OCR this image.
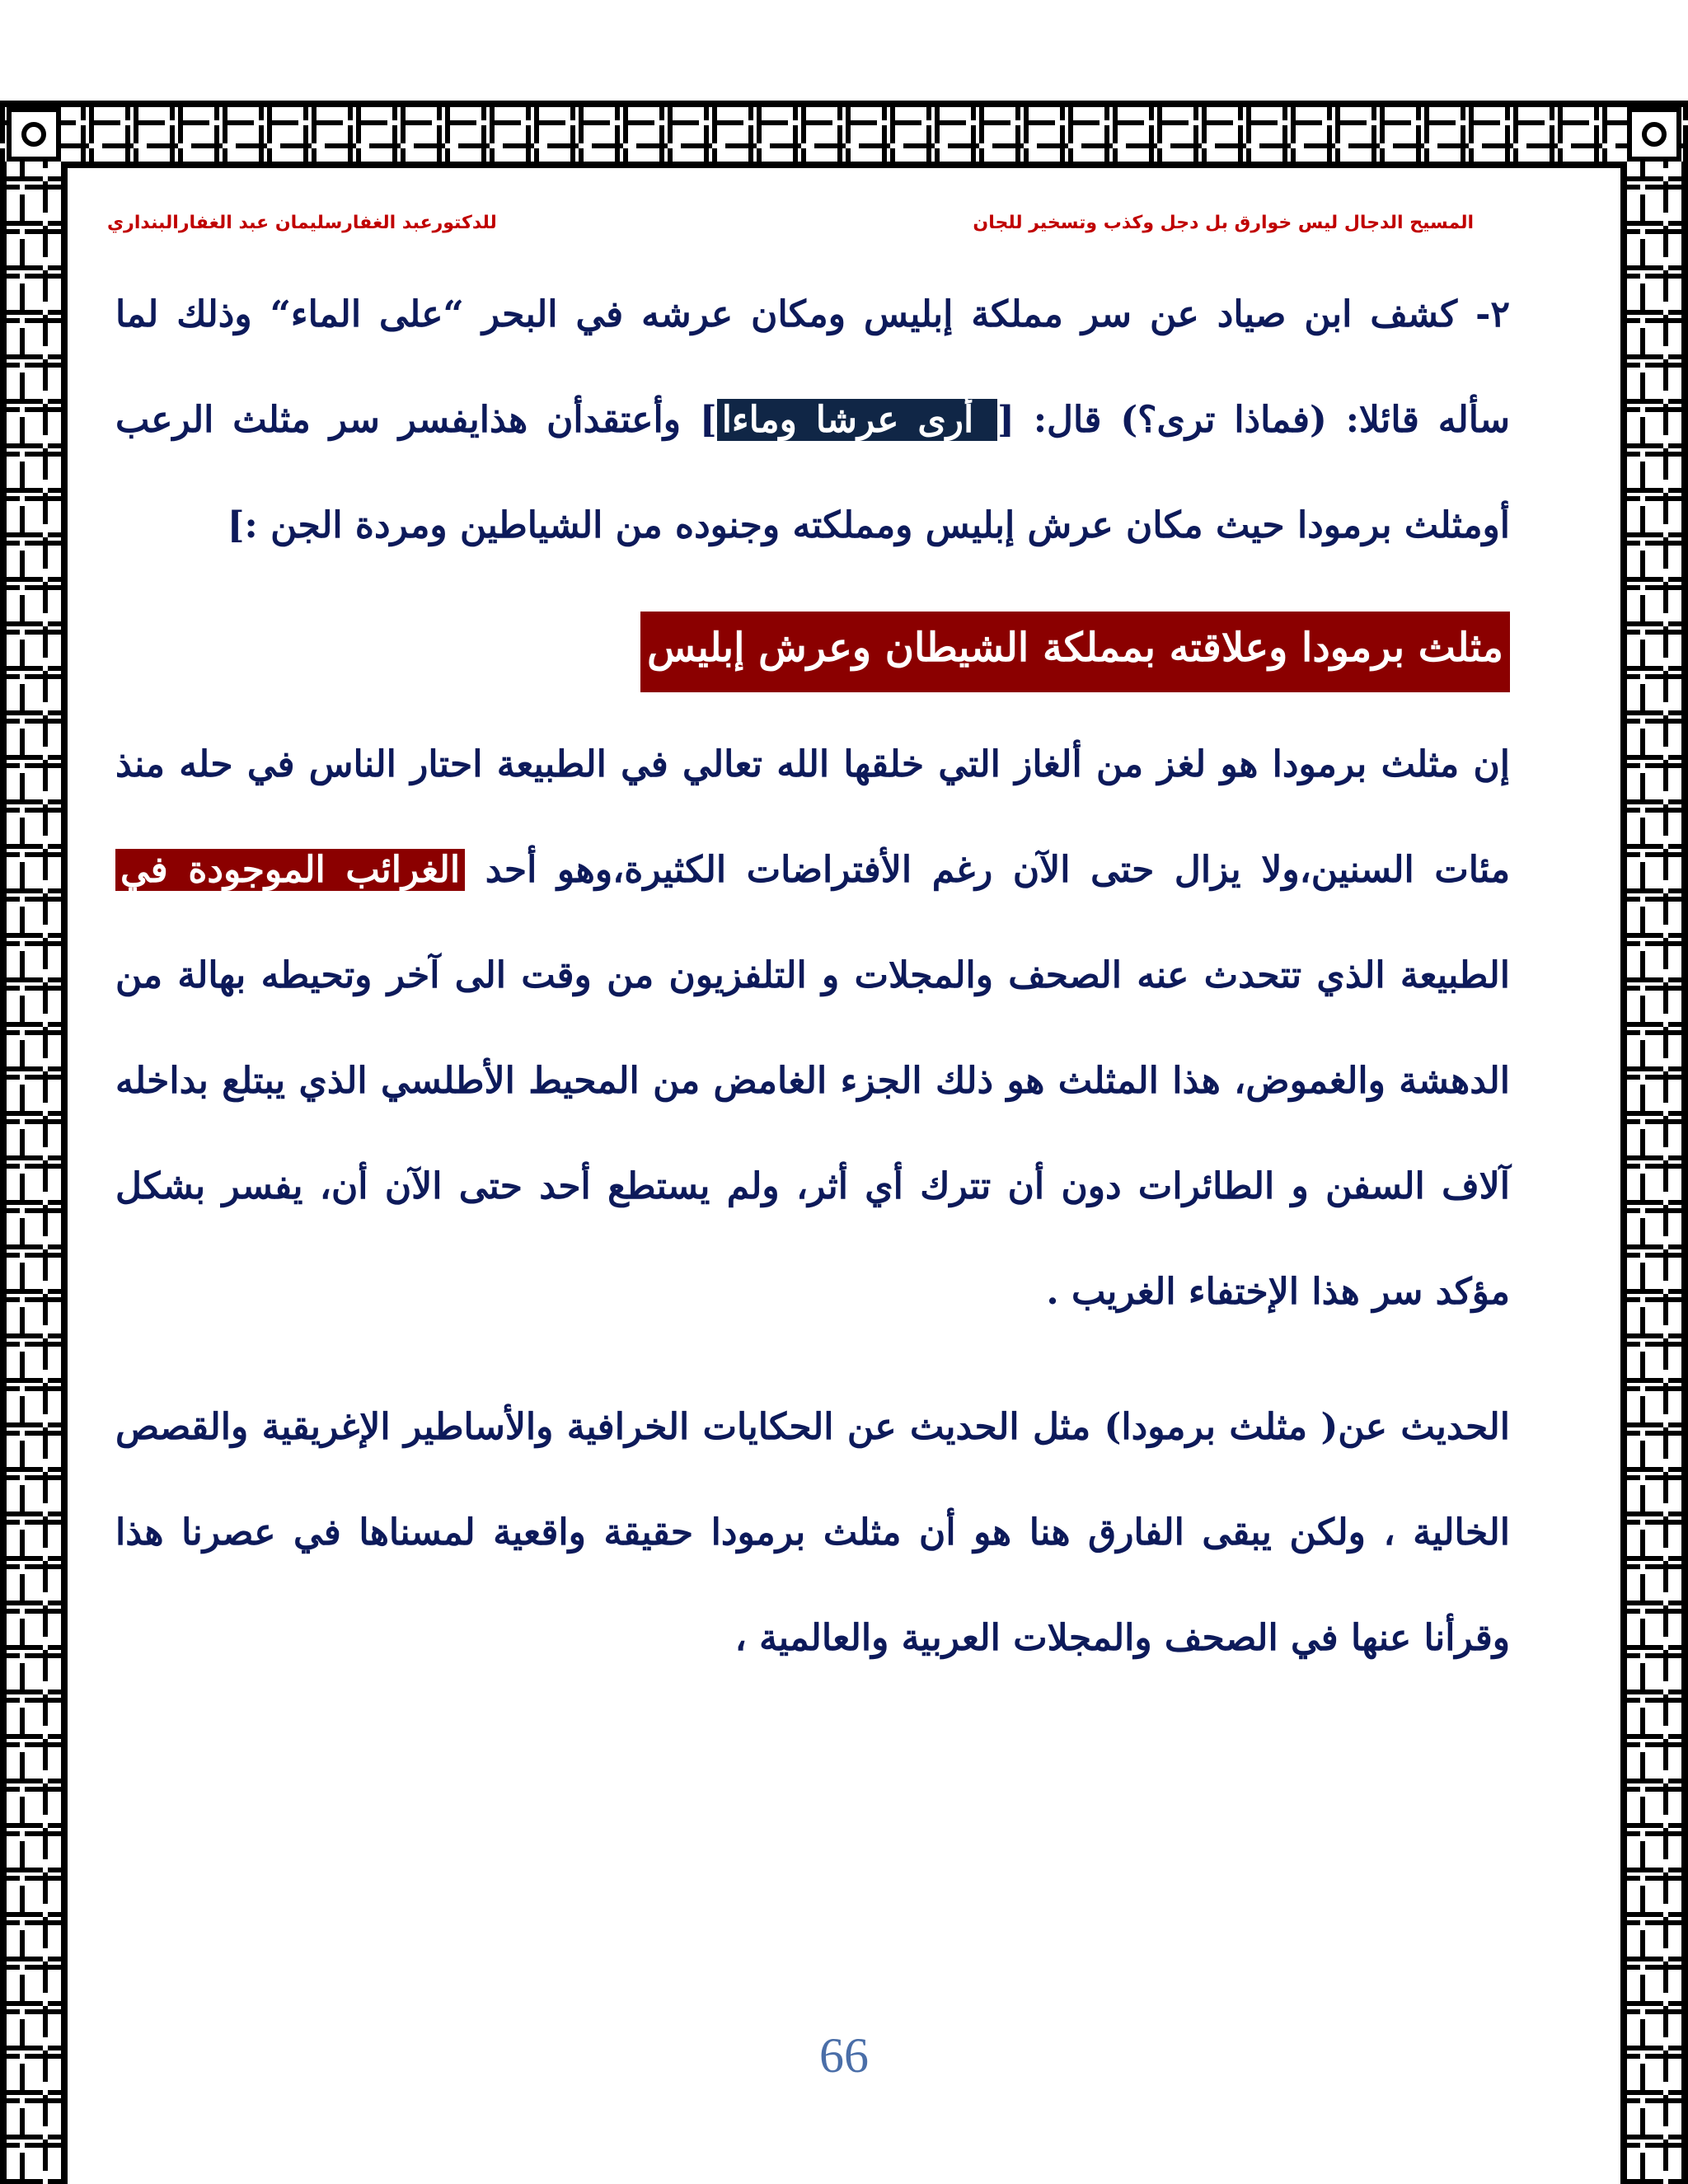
المسيح الدجال ليس خوارق بل دجل وكذب وتسخير للجان
للدكتورعبد الغفارسليمان عبد الغفارالبنداري

٢- كشف ابن صياد عن سر مملكة إبليس ومكان عرشه في البحر “على الماء“ وذلك لما سأله قائلا: (فماذا ترى؟) قال: [ أرى عرشا وماءا] وأعتقدأن هذايفسر سر مثلث الرعب أومثلث برمودا حيث مكان عرش إبليس ومملكته وجنوده من الشياطين ومردة الجن :]

مثلث برمودا وعلاقته بمملكة الشيطان وعرش إبليس

إن مثلث برمودا هو لغز من ألغاز التي خلقها الله تعالي في الطبيعة احتار الناس في حله منذ مئات السنين،ولا يزال حتى الآن رغم الأفتراضات الكثيرة،وهو أحد الغرائب الموجودة في الطبيعة الذي تتحدث عنه الصحف والمجلات و التلفزيون من وقت الى آخر وتحيطه بهالة من الدهشة والغموض، هذا المثلث هو ذلك الجزء الغامض من المحيط الأطلسي الذي يبتلع بداخله آلاف السفن و الطائرات دون أن تترك أي أثر، ولم يستطع أحد حتى الآن أن، يفسر بشكل مؤكد سر هذا الإختفاء الغريب .

الحديث عن( مثلث برمودا) مثل الحديث عن الحكايات الخرافية والأساطير الإغريقية والقصص الخالية ، ولكن يبقى الفارق هنا هو أن مثلث برمودا حقيقة واقعية لمسناها في عصرنا هذا وقرأنا عنها في الصحف والمجلات العربية والعالمية ،

66
